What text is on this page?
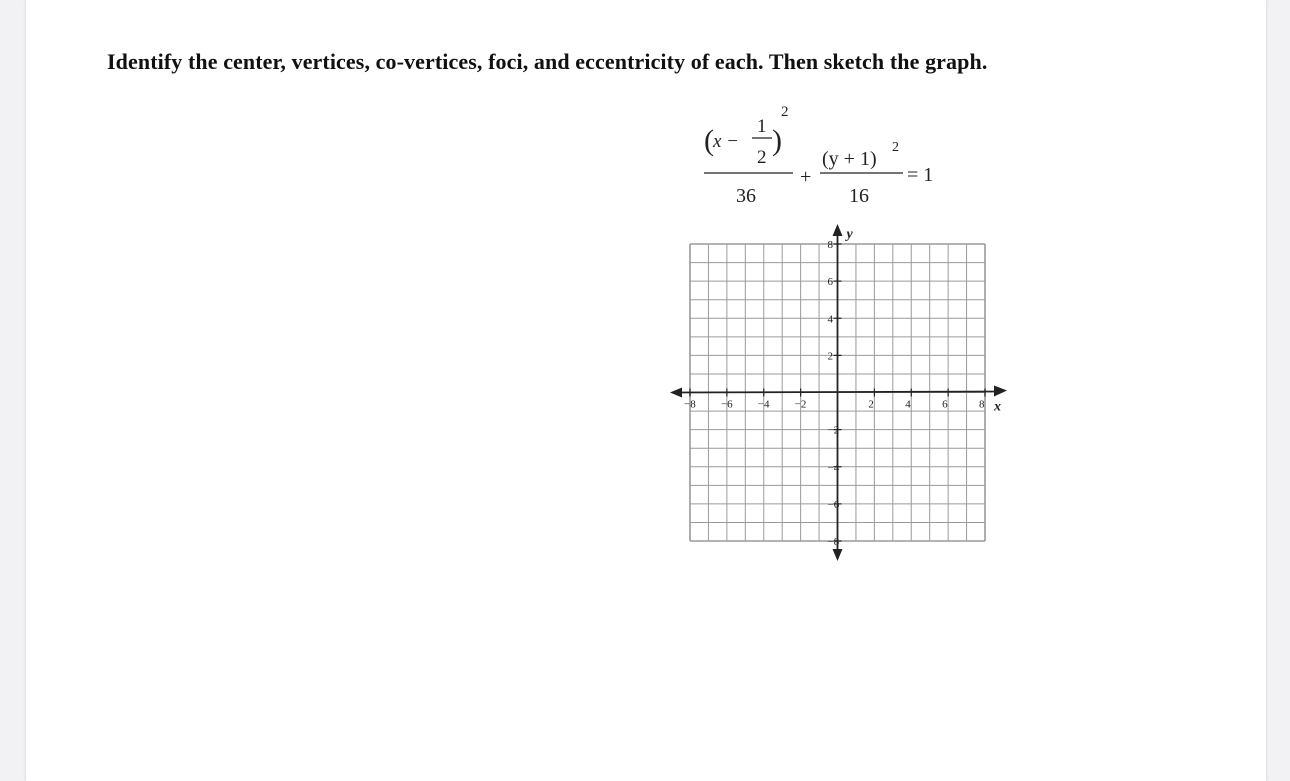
Identify the center, vertices, co-vertices, foci, and eccentricity of each. Then sketch the graph.
( x −
1
2
)
2
36
+
(y + 1)
2
16
= 1
−8 −6 −4 −2	2	4	6	8
8
6
4
2
−2
−4
−6
−8
x
y
